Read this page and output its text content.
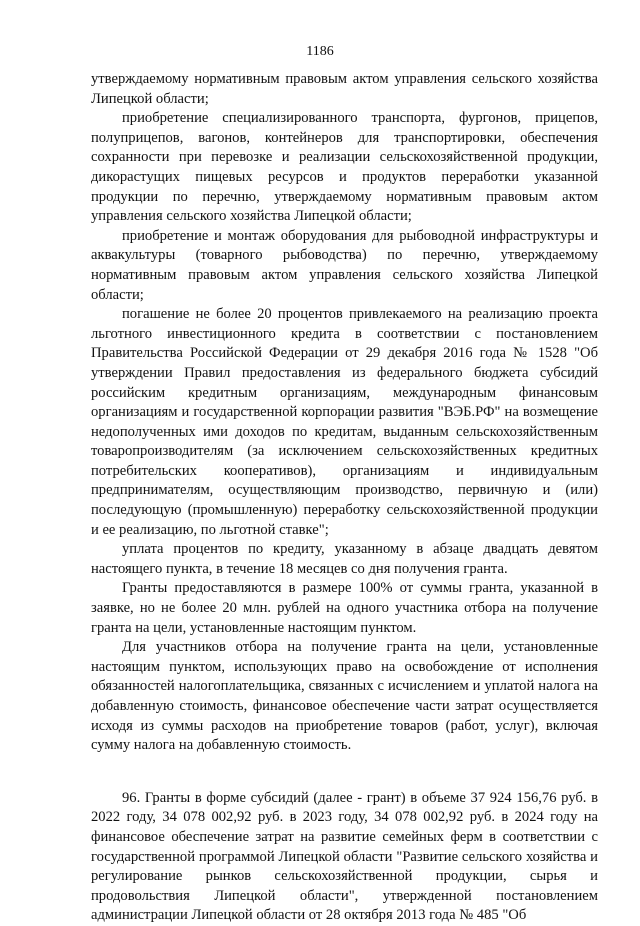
1186

утверждаемому нормативным правовым актом управления сельского хозяйства Липецкой области;

приобретение специализированного транспорта, фургонов, прицепов, полуприцепов, вагонов, контейнеров для транспортировки, обеспечения сохранности при перевозке и реализации сельскохозяйственной продукции, дикорастущих пищевых ресурсов и продуктов переработки указанной продукции по перечню, утверждаемому нормативным правовым актом управления сельского хозяйства Липецкой области;

приобретение и монтаж оборудования для рыбоводной инфраструктуры и аквакультуры (товарного рыбоводства) по перечню, утверждаемому нормативным правовым актом управления сельского хозяйства Липецкой области;

погашение не более 20 процентов привлекаемого на реализацию проекта льготного инвестиционного кредита в соответствии с постановлением Правительства Российской Федерации от 29 декабря 2016 года № 1528 "Об утверждении Правил предоставления из федерального бюджета субсидий российским кредитным организациям, международным финансовым организациям и государственной корпорации развития "ВЭБ.РФ" на возмещение недополученных ими доходов по кредитам, выданным сельскохозяйственным товаропроизводителям (за исключением сельскохозяйственных кредитных потребительских кооперативов), организациям и индивидуальным предпринимателям, осуществляющим производство, первичную и (или) последующую (промышленную) переработку сельскохозяйственной продукции и ее реализацию, по льготной ставке";

уплата процентов по кредиту, указанному в абзаце двадцать девятом настоящего пункта, в течение 18 месяцев со дня получения гранта.

Гранты предоставляются в размере 100% от суммы гранта, указанной в заявке, но не более 20 млн. рублей на одного участника отбора на получение гранта на цели, установленные настоящим пунктом.

Для участников отбора на получение гранта на цели, установленные настоящим пунктом, использующих право на освобождение от исполнения обязанностей налогоплательщика, связанных с исчислением и уплатой налога на добавленную стоимость, финансовое обеспечение части затрат осуществляется исходя из суммы расходов на приобретение товаров (работ, услуг), включая сумму налога на добавленную стоимость.

96. Гранты в форме субсидий (далее - грант) в объеме 37 924 156,76 руб. в 2022 году, 34 078 002,92 руб. в 2023 году, 34 078 002,92 руб. в 2024 году на финансовое обеспечение затрат на развитие семейных ферм в соответствии с государственной программой Липецкой области "Развитие сельского хозяйства и регулирование рынков сельскохозяйственной продукции, сырья и продовольствия Липецкой области", утвержденной постановлением администрации Липецкой области от 28 октября 2013 года № 485 "Об
